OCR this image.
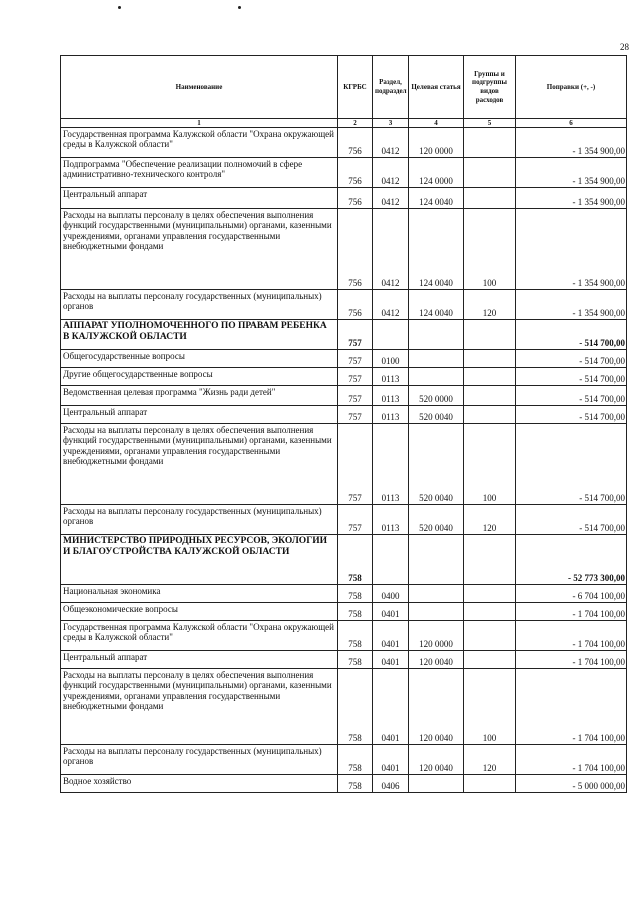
28
Наименование	КГРБС	Раздел, подраздел	Целевая статья	Группы и подгруппы видов расходов	Поправки (+, -)
1	2	3	4	5	6
Государственная программа Калужской области "Охрана окружающей среды в Калужской области"	756	0412	120 0000		- 1 354 900,00
Подпрограмма "Обеспечение реализации полномочий в сфере административно-технического контроля"	756	0412	124 0000		- 1 354 900,00
Центральный аппарат	756	0412	124 0040		- 1 354 900,00
Расходы на выплаты персоналу в целях обеспечения выполнения функций государственными (муниципальными) органами, казенными учреждениями, органами управления государственными внебюджетными фондами	756	0412	124 0040	100	- 1 354 900,00
Расходы на выплаты персоналу государственных (муниципальных) органов	756	0412	124 0040	120	- 1 354 900,00
АППАРАТ УПОЛНОМОЧЕННОГО ПО ПРАВАМ РЕБЕНКА В КАЛУЖСКОЙ ОБЛАСТИ	757				- 514 700,00
Общегосударственные вопросы	757	0100			- 514 700,00
Другие общегосударственные вопросы	757	0113			- 514 700,00
Ведомственная целевая программа "Жизнь ради детей"	757	0113	520 0000		- 514 700,00
Центральный аппарат	757	0113	520 0040		- 514 700,00
Расходы на выплаты персоналу в целях обеспечения выполнения функций государственными (муниципальными) органами, казенными учреждениями, органами управления государственными внебюджетными фондами	757	0113	520 0040	100	- 514 700,00
Расходы на выплаты персоналу государственных (муниципальных) органов	757	0113	520 0040	120	- 514 700,00
МИНИСТЕРСТВО ПРИРОДНЫХ РЕСУРСОВ, ЭКОЛОГИИ И БЛАГОУСТРОЙСТВА КАЛУЖСКОЙ ОБЛАСТИ	758				- 52 773 300,00
Национальная экономика	758	0400			- 6 704 100,00
Общеэкономические вопросы	758	0401			- 1 704 100,00
Государственная программа Калужской области "Охрана окружающей среды в Калужской области"	758	0401	120 0000		- 1 704 100,00
Центральный аппарат	758	0401	120 0040		- 1 704 100,00
Расходы на выплаты персоналу в целях обеспечения выполнения функций государственными (муниципальными) органами, казенными учреждениями, органами управления государственными внебюджетными фондами	758	0401	120 0040	100	- 1 704 100,00
Расходы на выплаты персоналу государственных (муниципальных) органов	758	0401	120 0040	120	- 1 704 100,00
Водное хозяйство	758	0406			- 5 000 000,00
